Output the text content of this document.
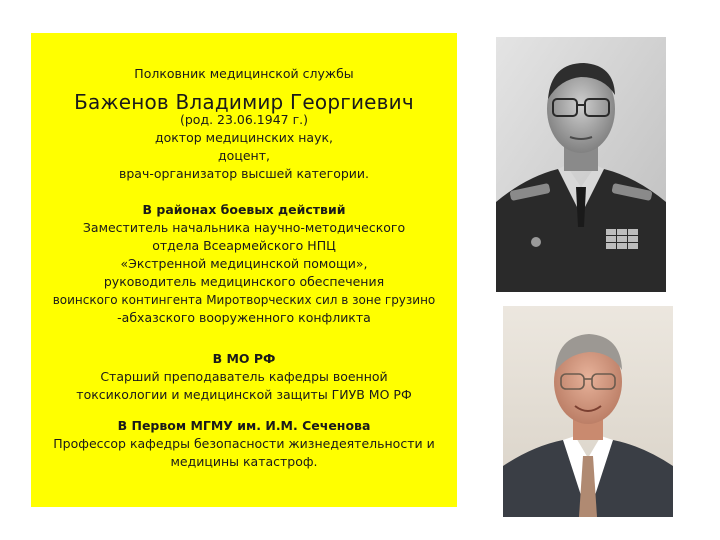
Полковник медицинской службы

Баженов Владимир Георгиевич
(род. 23.06.1947 г.)
доктор медицинских наук,
доцент,
врач-организатор высшей категории.
В районах боевых действий
Заместитель начальника научно-методического
отдела Всеармейского НПЦ
«Экстренной медицинской помощи»,
руководитель медицинского обеспечения
воинского контингента Миротворческих сил в зоне грузино
-абхазского вооруженного конфликта
В МО РФ
Старший преподаватель кафедры военной
токсикологии и медицинской защиты ГИУВ МО РФ
В Первом МГМУ им. И.М. Сеченова
Профессор кафедры безопасности жизнедеятельности и
медицины катастроф.
